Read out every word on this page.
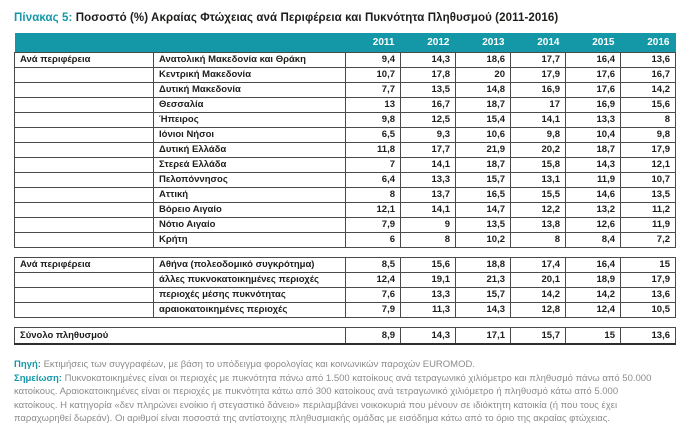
Πίνακας 5: Ποσοστό (%) Ακραίας Φτώχειας ανά Περιφέρεια και Πυκνότητα Πληθυσμού (2011-2016)
		2011	2012	2013	2014	2015	2016
Ανά περιφέρεια	Ανατολική Μακεδονία και Θράκη	9,4	14,3	18,6	17,7	16,4	13,6
	Κεντρική Μακεδονία	10,7	17,8	20	17,9	17,6	16,7
	Δυτική Μακεδονία	7,7	13,5	14,8	16,9	17,6	14,2
	Θεσσαλία	13	16,7	18,7	17	16,9	15,6
	Ήπειρος	9,8	12,5	15,4	14,1	13,3	8
	Ιόνιοι Νήσοι	6,5	9,3	10,6	9,8	10,4	9,8
	Δυτική Ελλάδα	11,8	17,7	21,9	20,2	18,7	17,9
	Στερεά Ελλάδα	7	14,1	18,7	15,8	14,3	12,1
	Πελοπόννησος	6,4	13,3	15,7	13,1	11,9	10,7
	Αττική	8	13,7	16,5	15,5	14,6	13,5
	Βόρειο Αιγαίο	12,1	14,1	14,7	12,2	13,2	11,2
	Νότιο Αιγαίο	7,9	9	13,5	13,8	12,6	11,9
	Κρήτη	6	8	10,2	8	8,4	7,2

Ανά περιφέρεια	Αθήνα (πολεοδομικό συγκρότημα)	8,5	15,6	18,8	17,4	16,4	15
	άλλες πυκνοκατοικημένες περιοχές	12,4	19,1	21,3	20,1	18,9	17,9
	περιοχές μέσης πυκνότητας	7,6	13,3	15,7	14,2	14,2	13,6
	αραιοκατοικημένες περιοχές	7,9	11,3	14,3	12,8	12,4	10,5

Σύνολο πληθυσμού		8,9	14,3	17,1	15,7	15	13,6

Πηγή: Εκτιμήσεις των συγγραφέων, με βάση το υπόδειγμα φορολογίας και κοινωνικών παροχών EUROMOD.

Σημείωση: Πυκνοκατοικημένες είναι οι περιοχές με πυκνότητα πάνω από 1.500 κατοίκους ανά τετραγωνικό χιλιόμετρο και πληθυσμό πάνω από 50.000 κατοίκους. Αραιοκατοικημένες είναι οι περιοχές με πυκνότητα κάτω από 300 κατοίκους ανά τετραγωνικό χιλιόμετρο ή πληθυσμό κάτω από 5.000 κατοίκους. Η κατηγορία «δεν πληρώνει ενοίκιο ή στεγαστικό δάνειο» περιλαμβάνει νοικοκυριά που μένουν σε ιδιόκτητη κατοικία (ή που τους έχει παραχωρηθεί δωρεάν). Οι αριθμοί είναι ποσοστά της αντίστοιχης πληθυσμιακής ομάδας με εισόδημα κάτω από το όριο της ακραίας φτώχειας.
